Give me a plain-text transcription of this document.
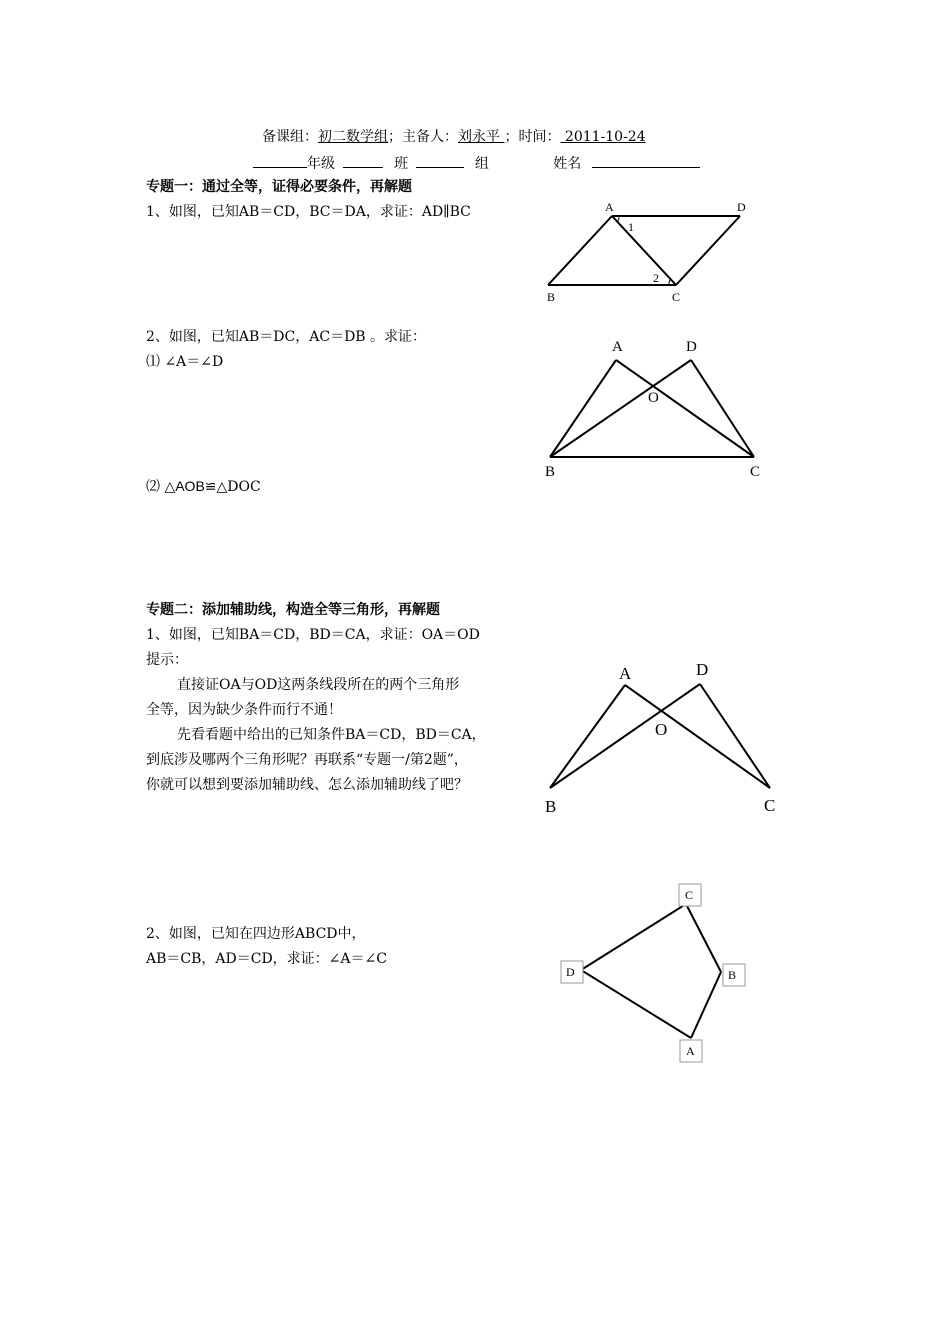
备课组：初二数学组；主备人：刘永平 ；时间： 2011-10-24
年级	班	组	姓名
专题一：通过全等，证得必要条件，再解题
1、如图，已知AB＝CD，BC＝DA，求证：AD∥BC	A	D
B	C
1
2
2、如图，已知AB＝DC，AC＝DB 。求证：
⑴ ∠A＝∠D
A	D
O
B	C
⑵ △AOB≌△DOC
专题二：添加辅助线，构造全等三角形，再解题
1、如图，已知BA＝CD，BD＝CA，求证：OA＝OD
提示：
直接证OA与OD这两条线段所在的两个三角形
全等，因为缺少条件而行不通！
先看看题中给出的已知条件BA＝CD，BD＝CA，
到底涉及哪两个三角形呢？再联系“专题一/第2题”，
你就可以想到要添加辅助线、怎么添加辅助线了吧？
A	D
O
B	C
2、如图，已知在四边形ABCD中，
AB＝CB，AD＝CD，求证：∠A＝∠C
C
D	B
A
